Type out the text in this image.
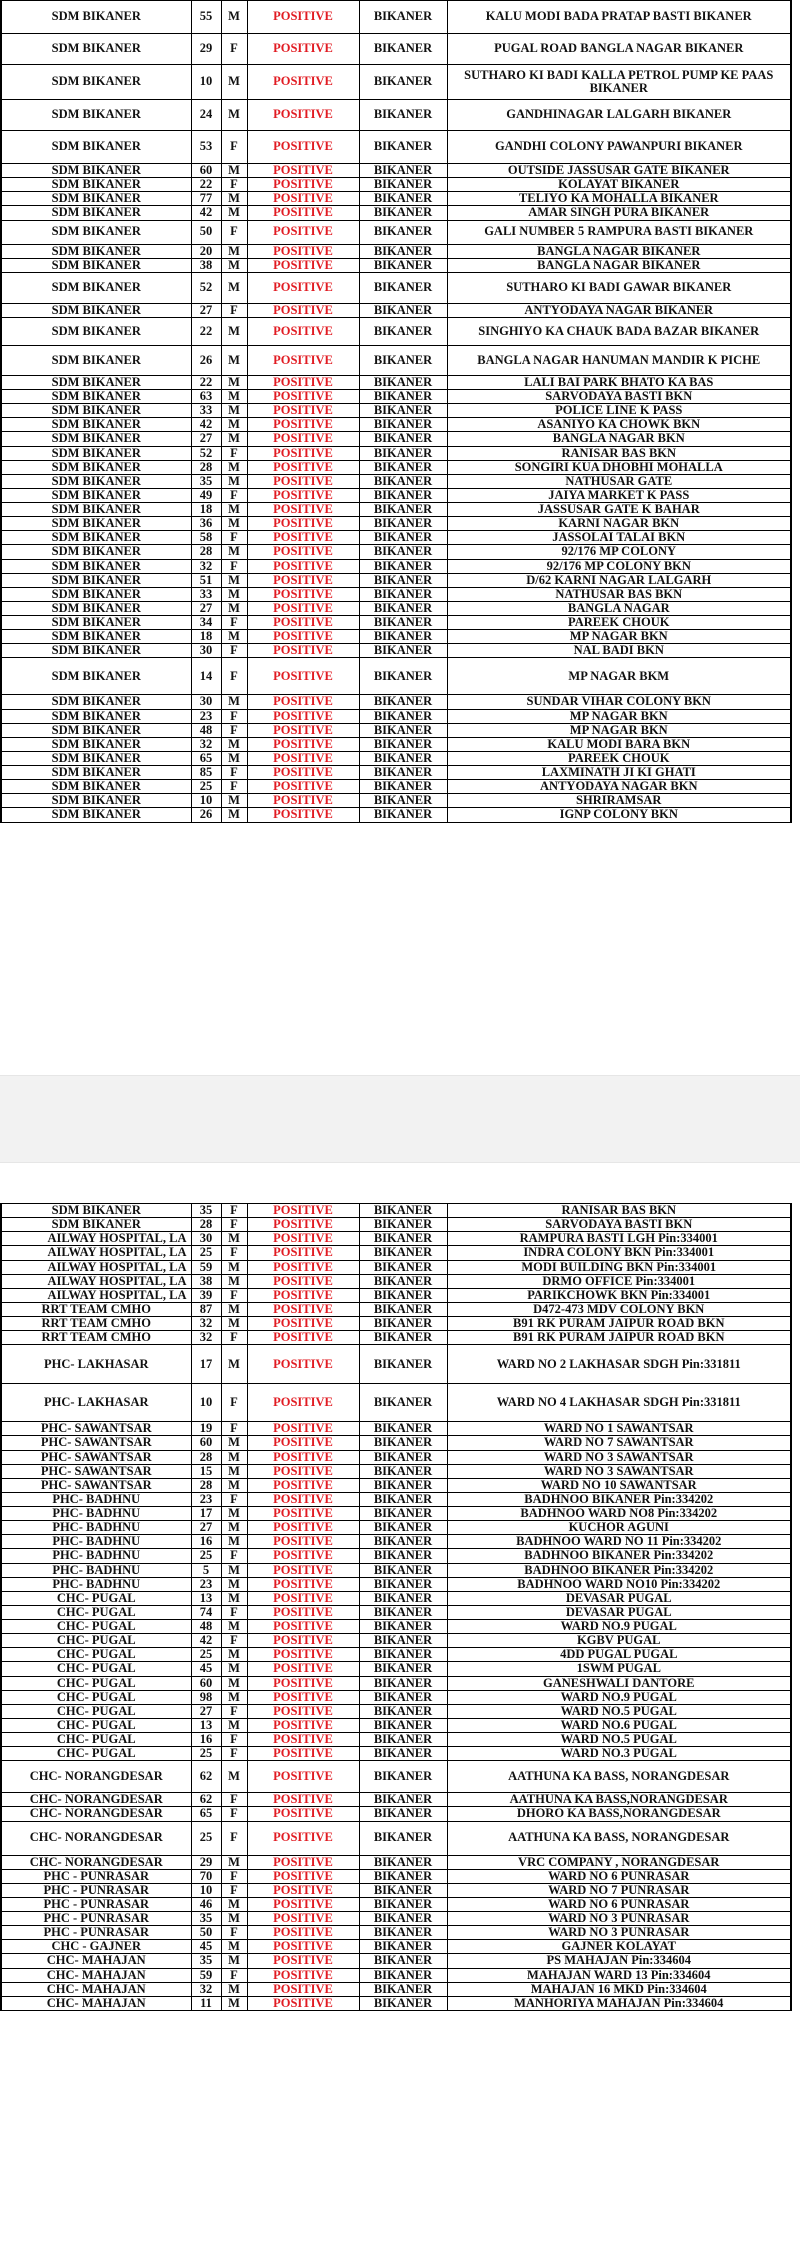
SDM BIKANER	55	M	POSITIVE	BIKANER	KALU MODI BADA PRATAP BASTI BIKANER
SDM BIKANER	29	F	POSITIVE	BIKANER	PUGAL ROAD BANGLA NAGAR BIKANER
SDM BIKANER	10	M	POSITIVE	BIKANER	SUTHARO KI BADI KALLA PETROL PUMP KE PAAS BIKANER
SDM BIKANER	24	M	POSITIVE	BIKANER	GANDHINAGAR LALGARH BIKANER
SDM BIKANER	53	F	POSITIVE	BIKANER	GANDHI COLONY PAWANPURI BIKANER
SDM BIKANER	60	M	POSITIVE	BIKANER	OUTSIDE JASSUSAR GATE BIKANER
SDM BIKANER	22	F	POSITIVE	BIKANER	KOLAYAT BIKANER
SDM BIKANER	77	M	POSITIVE	BIKANER	TELIYO KA MOHALLA BIKANER
SDM BIKANER	42	M	POSITIVE	BIKANER	AMAR SINGH PURA BIKANER
SDM BIKANER	50	F	POSITIVE	BIKANER	GALI NUMBER 5 RAMPURA BASTI BIKANER
SDM BIKANER	20	M	POSITIVE	BIKANER	BANGLA NAGAR BIKANER
SDM BIKANER	38	M	POSITIVE	BIKANER	BANGLA NAGAR BIKANER
SDM BIKANER	52	M	POSITIVE	BIKANER	SUTHARO KI BADI GAWAR BIKANER
SDM BIKANER	27	F	POSITIVE	BIKANER	ANTYODAYA NAGAR BIKANER
SDM BIKANER	22	M	POSITIVE	BIKANER	SINGHIYO KA CHAUK BADA BAZAR BIKANER
SDM BIKANER	26	M	POSITIVE	BIKANER	BANGLA NAGAR HANUMAN MANDIR K PICHE
SDM BIKANER	22	M	POSITIVE	BIKANER	LALI BAI PARK BHATO KA BAS
SDM BIKANER	63	M	POSITIVE	BIKANER	SARVODAYA BASTI BKN
SDM BIKANER	33	M	POSITIVE	BIKANER	POLICE LINE K PASS
SDM BIKANER	42	M	POSITIVE	BIKANER	ASANIYO KA CHOWK BKN
SDM BIKANER	27	M	POSITIVE	BIKANER	BANGLA NAGAR BKN
SDM BIKANER	52	F	POSITIVE	BIKANER	RANISAR BAS BKN
SDM BIKANER	28	M	POSITIVE	BIKANER	SONGIRI KUA DHOBHI MOHALLA
SDM BIKANER	35	M	POSITIVE	BIKANER	NATHUSAR GATE
SDM BIKANER	49	F	POSITIVE	BIKANER	JAIYA MARKET K PASS
SDM BIKANER	18	M	POSITIVE	BIKANER	JASSUSAR GATE K BAHAR
SDM BIKANER	36	M	POSITIVE	BIKANER	KARNI NAGAR BKN
SDM BIKANER	58	F	POSITIVE	BIKANER	JASSOLAI TALAI BKN
SDM BIKANER	28	M	POSITIVE	BIKANER	92/176 MP COLONY
SDM BIKANER	32	F	POSITIVE	BIKANER	92/176 MP COLONY BKN
SDM BIKANER	51	M	POSITIVE	BIKANER	D/62 KARNI NAGAR LALGARH
SDM BIKANER	33	M	POSITIVE	BIKANER	NATHUSAR BAS BKN
SDM BIKANER	27	M	POSITIVE	BIKANER	BANGLA NAGAR
SDM BIKANER	34	F	POSITIVE	BIKANER	PAREEK CHOUK
SDM BIKANER	18	M	POSITIVE	BIKANER	MP NAGAR BKN
SDM BIKANER	30	F	POSITIVE	BIKANER	NAL BADI BKN
SDM BIKANER	14	F	POSITIVE	BIKANER	MP NAGAR BKM
SDM BIKANER	30	M	POSITIVE	BIKANER	SUNDAR VIHAR COLONY BKN
SDM BIKANER	23	F	POSITIVE	BIKANER	MP NAGAR BKN
SDM BIKANER	48	F	POSITIVE	BIKANER	MP NAGAR BKN
SDM BIKANER	32	M	POSITIVE	BIKANER	KALU MODI BARA BKN
SDM BIKANER	65	M	POSITIVE	BIKANER	PAREEK CHOUK
SDM BIKANER	85	F	POSITIVE	BIKANER	LAXMINATH JI KI GHATI
SDM BIKANER	25	F	POSITIVE	BIKANER	ANTYODAYA NAGAR BKN
SDM BIKANER	10	M	POSITIVE	BIKANER	SHRIRAMSAR
SDM BIKANER	26	M	POSITIVE	BIKANER	IGNP COLONY BKN
SDM BIKANER	35	F	POSITIVE	BIKANER	RANISAR BAS BKN
SDM BIKANER	28	F	POSITIVE	BIKANER	SARVODAYA BASTI BKN
AILWAY HOSPITAL, LA	30	M	POSITIVE	BIKANER	RAMPURA BASTI LGH Pin:334001
AILWAY HOSPITAL, LA	25	F	POSITIVE	BIKANER	INDRA COLONY BKN Pin:334001
AILWAY HOSPITAL, LA	59	M	POSITIVE	BIKANER	MODI BUILDING BKN Pin:334001
AILWAY HOSPITAL, LA	38	M	POSITIVE	BIKANER	DRMO OFFICE Pin:334001
AILWAY HOSPITAL, LA	39	F	POSITIVE	BIKANER	PARIKCHOWK BKN Pin:334001
RRT TEAM CMHO	87	M	POSITIVE	BIKANER	D472-473 MDV COLONY BKN
RRT TEAM CMHO	32	M	POSITIVE	BIKANER	B91 RK PURAM JAIPUR ROAD BKN
RRT TEAM CMHO	32	F	POSITIVE	BIKANER	B91 RK PURAM JAIPUR ROAD BKN
PHC- LAKHASAR	17	M	POSITIVE	BIKANER	WARD NO 2 LAKHASAR SDGH Pin:331811
PHC- LAKHASAR	10	F	POSITIVE	BIKANER	WARD NO 4 LAKHASAR SDGH Pin:331811
PHC- SAWANTSAR	19	F	POSITIVE	BIKANER	WARD NO 1 SAWANTSAR
PHC- SAWANTSAR	60	M	POSITIVE	BIKANER	WARD NO 7 SAWANTSAR
PHC- SAWANTSAR	28	M	POSITIVE	BIKANER	WARD NO 3 SAWANTSAR
PHC- SAWANTSAR	15	M	POSITIVE	BIKANER	WARD NO 3 SAWANTSAR
PHC- SAWANTSAR	28	M	POSITIVE	BIKANER	WARD NO 10 SAWANTSAR
PHC- BADHNU	23	F	POSITIVE	BIKANER	BADHNOO BIKANER Pin:334202
PHC- BADHNU	17	M	POSITIVE	BIKANER	BADHNOO WARD NO8 Pin:334202
PHC- BADHNU	27	M	POSITIVE	BIKANER	KUCHOR AGUNI
PHC- BADHNU	16	M	POSITIVE	BIKANER	BADHNOO WARD NO 11 Pin:334202
PHC- BADHNU	25	F	POSITIVE	BIKANER	BADHNOO BIKANER Pin:334202
PHC- BADHNU	5	M	POSITIVE	BIKANER	BADHNOO BIKANER Pin:334202
PHC- BADHNU	23	M	POSITIVE	BIKANER	BADHNOO WARD NO10 Pin:334202
CHC- PUGAL	13	M	POSITIVE	BIKANER	DEVASAR PUGAL
CHC- PUGAL	74	F	POSITIVE	BIKANER	DEVASAR PUGAL
CHC- PUGAL	48	M	POSITIVE	BIKANER	WARD NO.9 PUGAL
CHC- PUGAL	42	F	POSITIVE	BIKANER	KGBV PUGAL
CHC- PUGAL	25	M	POSITIVE	BIKANER	4DD PUGAL PUGAL
CHC- PUGAL	45	M	POSITIVE	BIKANER	1SWM PUGAL
CHC- PUGAL	60	M	POSITIVE	BIKANER	GANESHWALI DANTORE
CHC- PUGAL	98	M	POSITIVE	BIKANER	WARD NO.9 PUGAL
CHC- PUGAL	27	F	POSITIVE	BIKANER	WARD NO.5 PUGAL
CHC- PUGAL	13	M	POSITIVE	BIKANER	WARD NO.6 PUGAL
CHC- PUGAL	16	F	POSITIVE	BIKANER	WARD NO.5 PUGAL
CHC- PUGAL	25	F	POSITIVE	BIKANER	WARD NO.3 PUGAL
CHC- NORANGDESAR	62	M	POSITIVE	BIKANER	AATHUNA KA BASS, NORANGDESAR
CHC- NORANGDESAR	62	F	POSITIVE	BIKANER	AATHUNA KA BASS,NORANGDESAR
CHC- NORANGDESAR	65	F	POSITIVE	BIKANER	DHORO KA BASS,NORANGDESAR
CHC- NORANGDESAR	25	F	POSITIVE	BIKANER	AATHUNA KA BASS, NORANGDESAR
CHC- NORANGDESAR	29	M	POSITIVE	BIKANER	VRC COMPANY , NORANGDESAR
PHC - PUNRASAR	70	F	POSITIVE	BIKANER	WARD NO 6 PUNRASAR
PHC - PUNRASAR	10	F	POSITIVE	BIKANER	WARD NO 7 PUNRASAR
PHC - PUNRASAR	46	M	POSITIVE	BIKANER	WARD NO 6 PUNRASAR
PHC - PUNRASAR	35	M	POSITIVE	BIKANER	WARD NO 3 PUNRASAR
PHC - PUNRASAR	50	F	POSITIVE	BIKANER	WARD NO 3 PUNRASAR
CHC - GAJNER	45	M	POSITIVE	BIKANER	GAJNER KOLAYAT
CHC- MAHAJAN	35	M	POSITIVE	BIKANER	PS MAHAJAN Pin:334604
CHC- MAHAJAN	59	F	POSITIVE	BIKANER	MAHAJAN WARD 13 Pin:334604
CHC- MAHAJAN	32	M	POSITIVE	BIKANER	MAHAJAN 16 MKD Pin:334604
CHC- MAHAJAN	11	M	POSITIVE	BIKANER	MANHORIYA MAHAJAN Pin:334604
